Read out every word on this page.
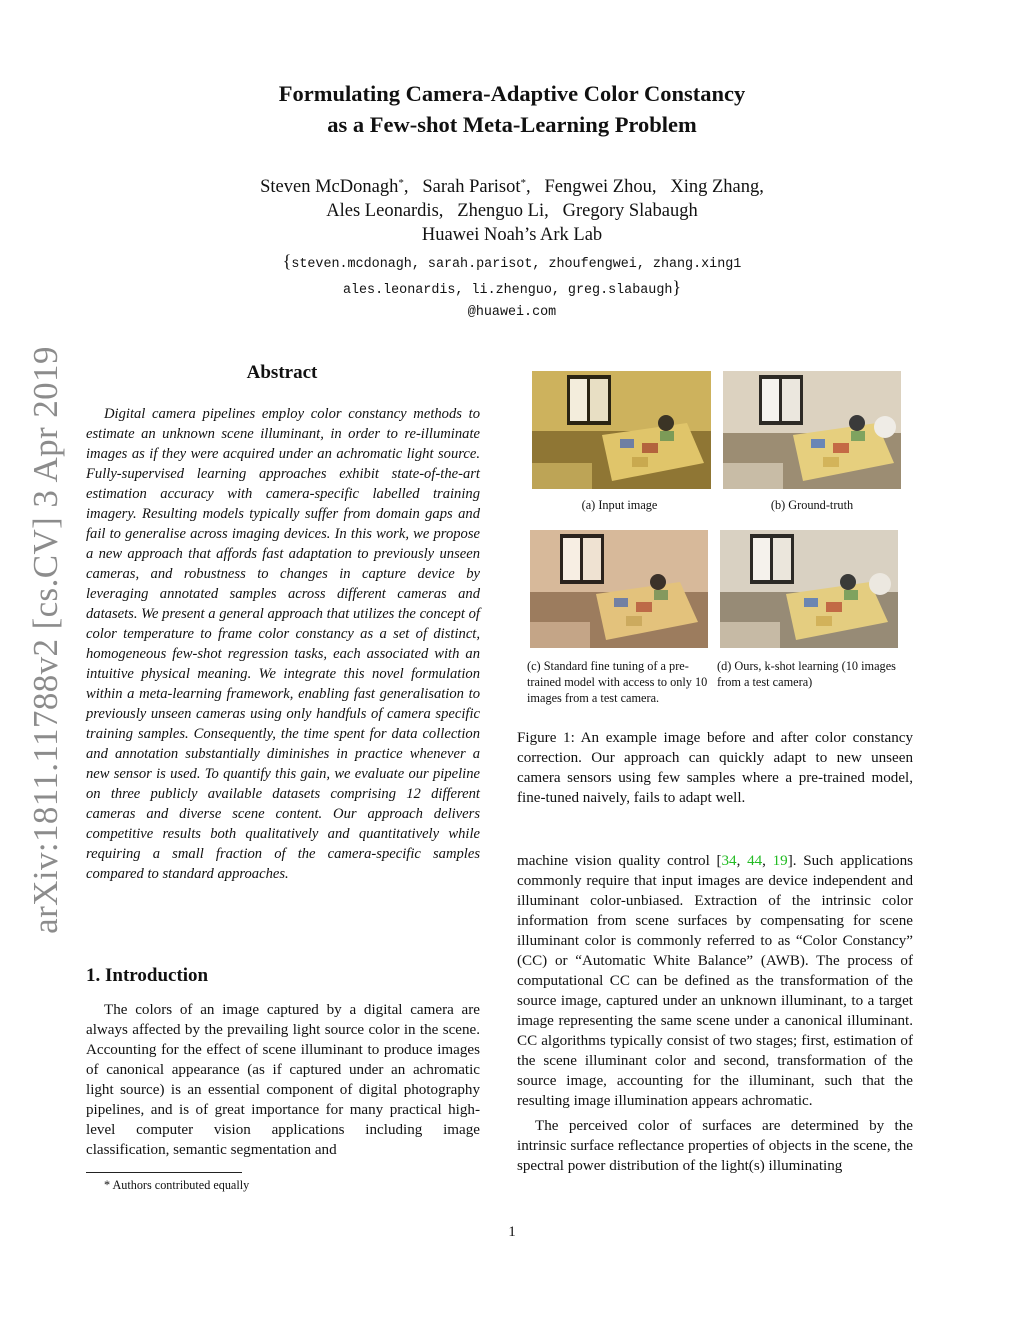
arXiv:1811.11788v2 [cs.CV] 3 Apr 2019
Formulating Camera-Adaptive Color Constancy
as a Few-shot Meta-Learning Problem
Steven McDonagh*,   Sarah Parisot*,   Fengwei Zhou, Xing Zhang,
Ales Leonardis, Zhenguo Li, Gregory Slabaugh
Huawei Noah’s Ark Lab
{steven.mcdonagh, sarah.parisot, zhoufengwei, zhang.xing1
ales.leonardis, li.zhenguo, greg.slabaugh}
@huawei.com
Abstract

Digital camera pipelines employ color constancy methods to estimate an unknown scene illuminant, in order to re-illuminate images as if they were acquired under an achromatic light source. Fully-supervised learning approaches exhibit state-of-the-art estimation accuracy with camera-specific labelled training imagery. Resulting models typically suffer from domain gaps and fail to generalise across imaging devices. In this work, we propose a new approach that affords fast adaptation to previously unseen cameras, and robustness to changes in capture device by leveraging annotated samples across different cameras and datasets. We present a general approach that utilizes the concept of color temperature to frame color constancy as a set of distinct, homogeneous few-shot regression tasks, each associated with an intuitive physical meaning. We integrate this novel formulation within a meta-learning framework, enabling fast generalisation to previously unseen cameras using only handfuls of camera specific training samples. Consequently, the time spent for data collection and annotation substantially diminishes in practice whenever a new sensor is used. To quantify this gain, we evaluate our pipeline on three publicly available datasets comprising 12 different cameras and diverse scene content. Our approach delivers competitive results both qualitatively and quantitatively while requiring a small fraction of the camera-specific samples compared to standard approaches.

1. Introduction

The colors of an image captured by a digital camera are always affected by the prevailing light source color in the scene. Accounting for the effect of scene illuminant to produce images of canonical appearance (as if captured under an achromatic light source) is an essential component of digital photography pipelines, and is of great importance for many practical high-level computer vision applications including image classification, semantic segmentation and

* Authors contributed equally
(a) Input image	(b) Ground-truth
(c) Standard fine tuning of a pre-trained model with access to only 10 images from a test camera.
(d) Ours, k-shot learning (10 images from a test camera)
Figure 1: An example image before and after color constancy correction. Our approach can quickly adapt to new unseen camera sensors using few samples where a pre-trained model, fine-tuned naively, fails to adapt well.

machine vision quality control [34, 44, 19]. Such applications commonly require that input images are device independent and illuminant color-unbiased. Extraction of the intrinsic color information from scene surfaces by compensating for scene illuminant color is commonly referred to as “Color Constancy” (CC) or “Automatic White Balance” (AWB). The process of computational CC can be defined as the transformation of the source image, captured under an unknown illuminant, to a target image representing the same scene under a canonical illuminant. CC algorithms typically consist of two stages; first, estimation of the scene illuminant color and second, transformation of the source image, accounting for the illuminant, such that the resulting image illumination appears achromatic.

The perceived color of surfaces are determined by the intrinsic surface reflectance properties of objects in the scene, the spectral power distribution of the light(s) illuminating

1
